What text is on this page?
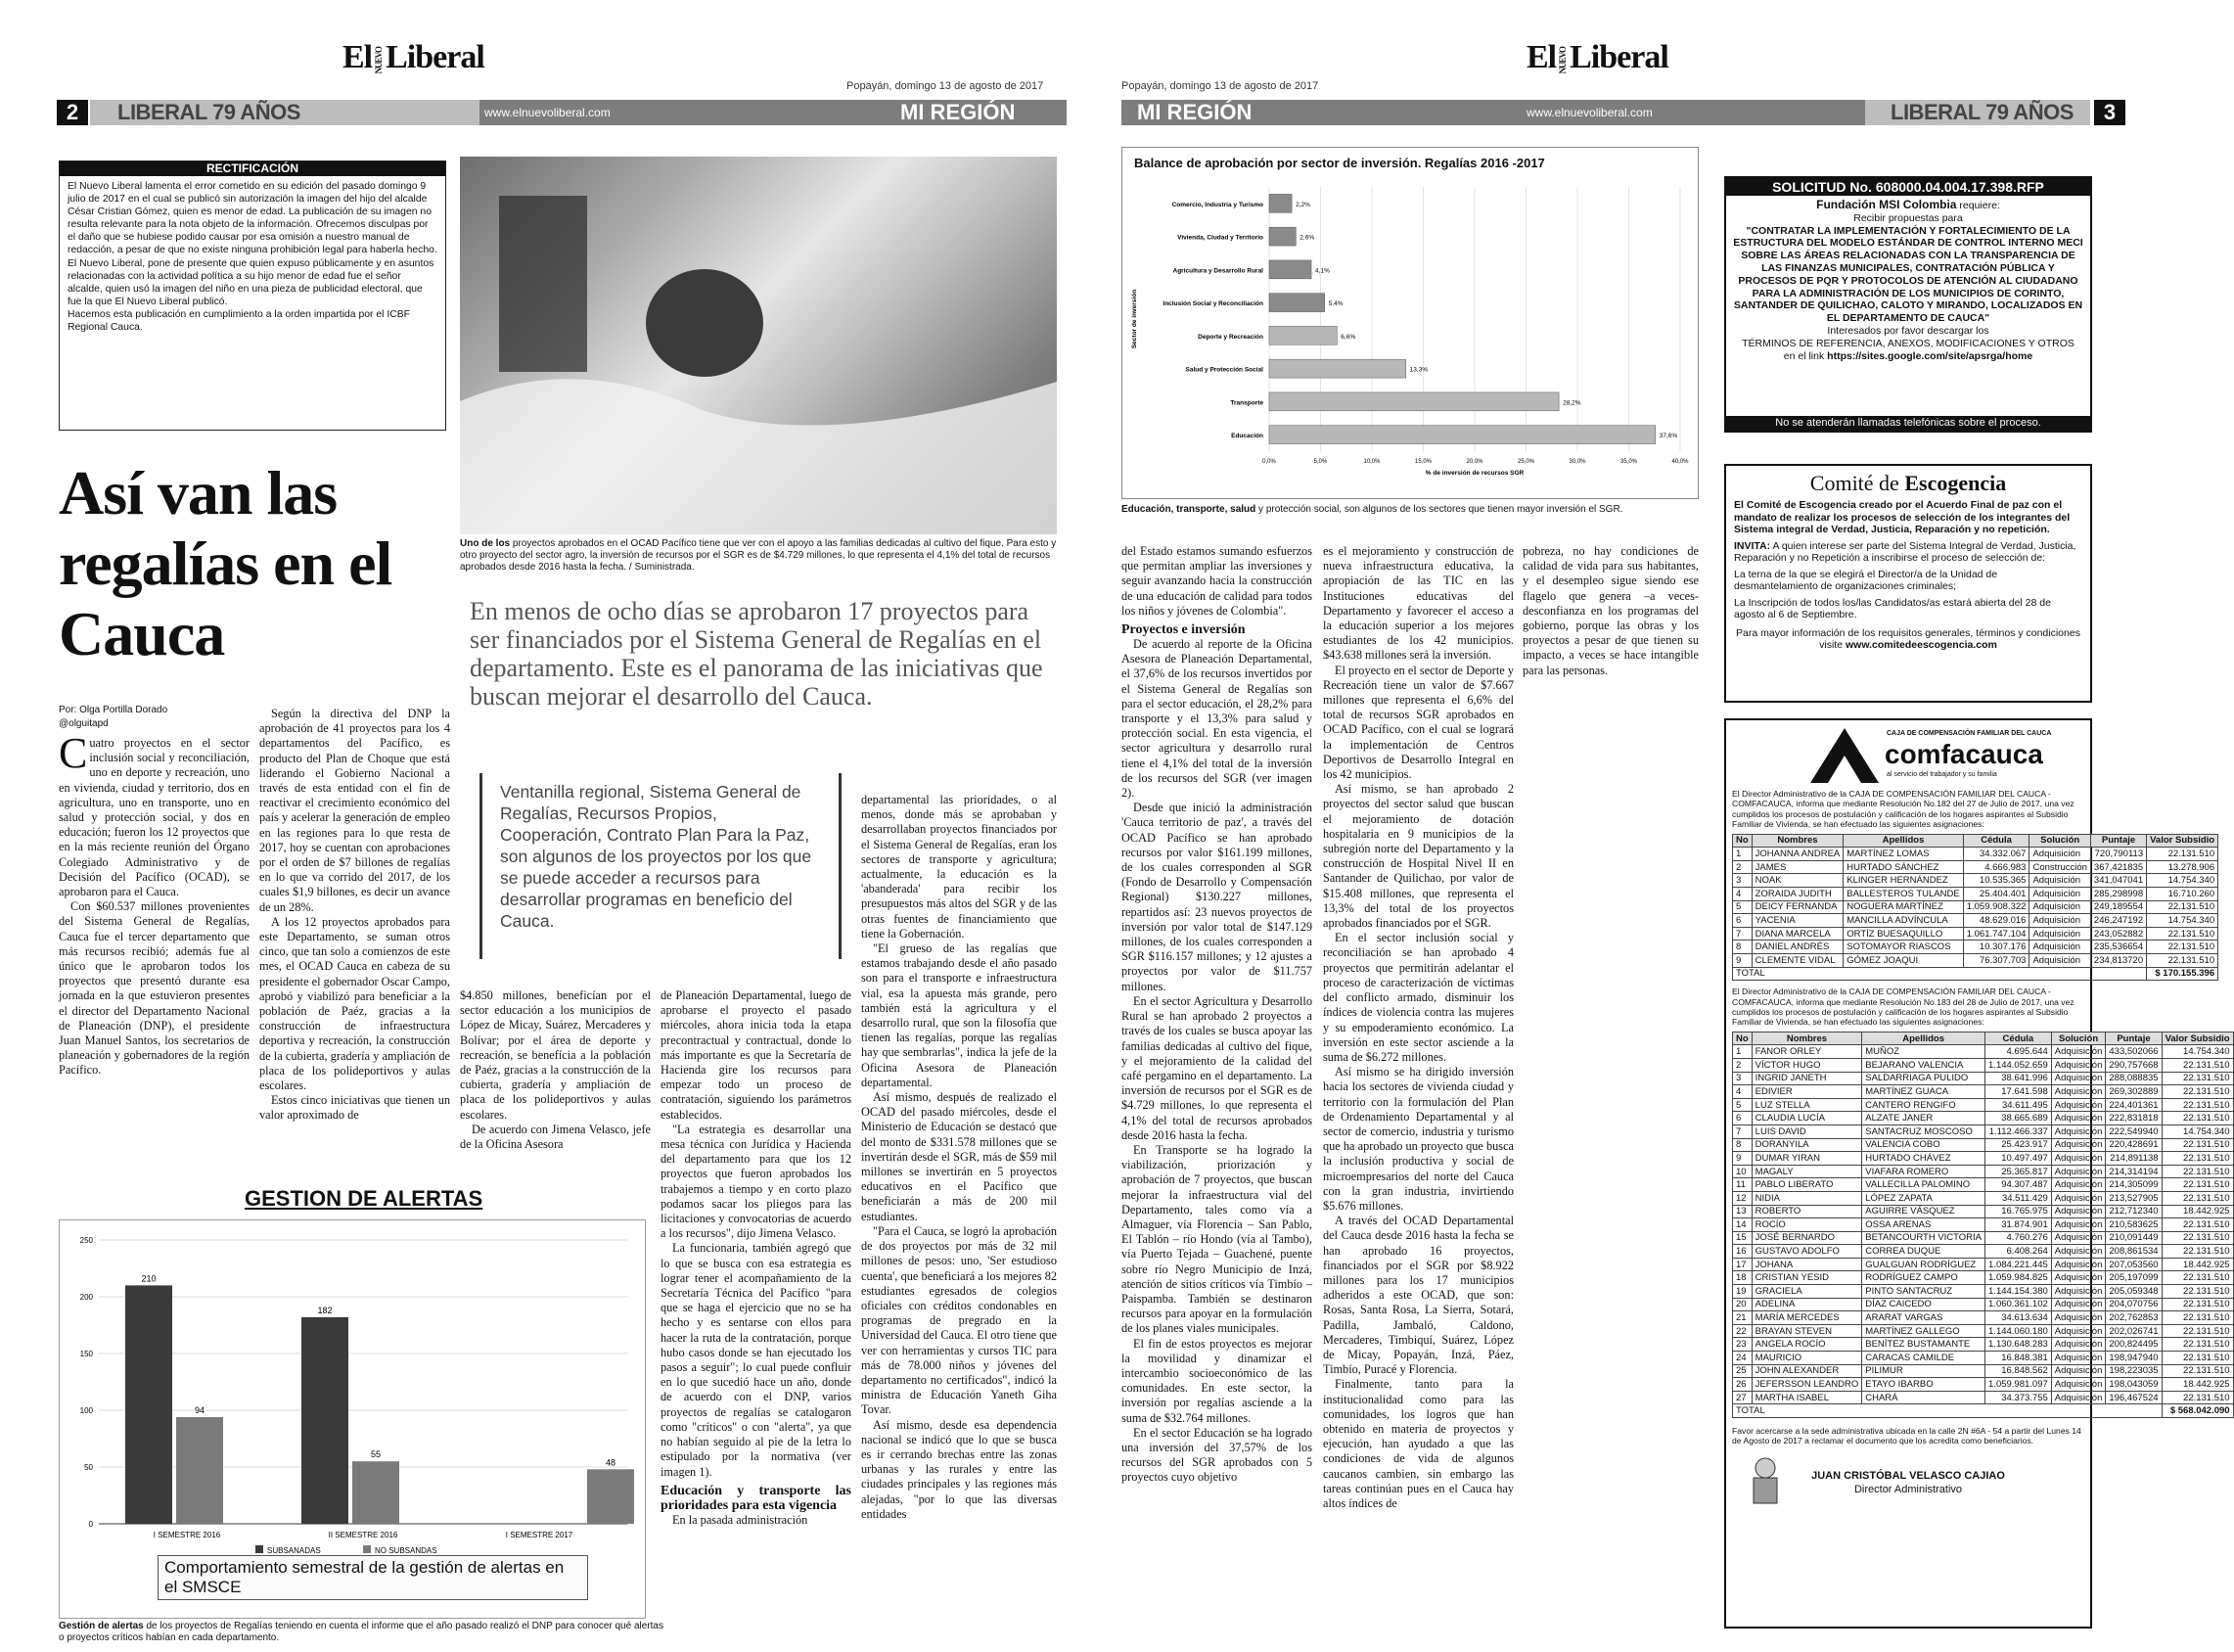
El NUEVOLiberal
Popayán, domingo 13 de agosto de 2017
2	LIBERAL 79 AÑOS	www.elnuevoliberal.com	MI REGIÓN
RECTIFICACIÓN

El Nuevo Liberal lamenta el error cometido en su edición del pasado domingo 9 julio de 2017 en el cual se publicó sin autorización la imagen del hijo del alcalde César Cristian Gómez, quien es menor de edad. La publicación de su imagen no resulta relevante para la nota objeto de la información. Ofrecemos disculpas por el daño que se hubiese podido causar por esa omisión a nuestro manual de redacción, a pesar de que no existe ninguna prohibición legal para haberla hecho.

El Nuevo Liberal, pone de presente que quien expuso públicamente y en asuntos relacionadas con la actividad política a su hijo menor de edad fue el señor alcalde, quien usó la imagen del niño en una pieza de publicidad electoral, que fue la que El Nuevo Liberal publicó.

Hacemos esta publicación en cumplimiento a la orden impartida por el ICBF Regional Cauca.

Uno de los proyectos aprobados en el OCAD Pacífico tiene que ver con el apoyo a las familias dedicadas al cultivo del fique. Para esto y otro proyecto del sector agro, la inversión de recursos por el SGR es de $4.729 millones, lo que representa el 4,1% del total de recursos aprobados desde 2016 hasta la fecha. / Suministrada.
Así van las regalías en el Cauca	En menos de ocho días se aprobaron 17 proyectos para ser financiados por el Sistema General de Regalías en el departamento. Este es el panorama de las iniciativas que buscan mejorar el desarrollo del Cauca.
Ventanilla regional, Sistema General de Regalías, Recursos Propios, Cooperación, Contrato Plan Para la Paz, son algunos de los proyectos por los que se puede acceder a recursos para desarrollar programas en beneficio del Cauca.
Por: Olga Portilla Dorado
@olguitapd

Cuatro proyectos en el sector inclusión social y reconciliación, uno en deporte y recreación, uno en vivienda, ciudad y territorio, dos en agricultura, uno en transporte, uno en salud y protección social, y dos en educación; fueron los 12 proyectos que en la más reciente reunión del Órgano Colegiado Administrativo y de Decisión del Pacífico (OCAD), se aprobaron para el Cauca.

Con $60.537 millones provenientes del Sistema General de Regalías, Cauca fue el tercer departamento que más recursos recibió; además fue al único que le aprobaron todos los proyectos que presentó durante esa jornada en la que estuvieron presentes el director del Departamento Nacional de Planeación (DNP), el presidente Juan Manuel Santos, los secretarios de planeación y gobernadores de la región Pacífico.

Según la directiva del DNP la aprobación de 41 proyectos para los 4 departamentos del Pacífico, es producto del Plan de Choque que está liderando el Gobierno Nacional a través de esta entidad con el fin de reactivar el crecimiento económico del país y acelerar la generación de empleo en las regiones para lo que resta de 2017, hoy se cuentan con aprobaciones por el orden de $7 billones de regalías en lo que va corrido del 2017, de los cuales $1,9 billones, es decir un avance de un 28%.

A los 12 proyectos aprobados para este Departamento, se suman otros cinco, que tan solo a comienzos de este mes, el OCAD Cauca en cabeza de su presidente el gobernador Oscar Campo, aprobó y viabilizó para beneficiar a la población de Paéz, gracias a la construcción de infraestructura deportiva y recreación, la construcción de la cubierta, gradería y ampliación de placa de los polideportivos y aulas escolares.

Estos cinco iniciativas que tienen un valor aproximado de

$4.850 millones, beneficían por el sector educación a los municipios de López de Micay, Suárez, Mercaderes y Bolívar; por el área de deporte y recreación, se benefícia a la población de Paéz, gracias a la construcción de la cubierta, gradería y ampliación de placa de los polideportivos y aulas escolares.

De acuerdo con Jimena Velasco, jefe de la Oficina Asesora

de Planeación Departamental, luego de aprobarse el proyecto el pasado miércoles, ahora inicia toda la etapa precontractual y contractual, donde lo más importante es que la Secretaría de Hacienda gire los recursos para empezar todo un proceso de contratación, siguiendo los parámetros establecidos.

"La estrategia es desarrollar una mesa técnica con Jurídica y Hacienda del departamento para que los 12 proyectos que fueron aprobados los trabajemos a tiempo y en corto plazo podamos sacar los pliegos para las licitaciones y convocatorias de acuerdo a los recursos", dijo Jimena Velasco.

La funcionaria, también agregó que lo que se busca con esa estrategia es lograr tener el acompañamiento de la Secretaría Técnica del Pacífico "para que se haga el ejercicio que no se ha hecho y es sentarse con ellos para hacer la ruta de la contratación, porque hubo casos donde se han ejecutado los pasos a seguir"; lo cual puede confluir en lo que sucedió hace un año, donde de acuerdo con el DNP, varios proyectos de regalías se catalogaron como "críticos" o con "alerta", ya que no habían seguido al pie de la letra lo estipulado por la normativa (ver imagen 1).

Educación y transporte las prioridades para esta vigencia

En la pasada administración

departamental las prioridades, o al menos, donde más se aprobaban y desarrollaban proyectos financiados por el Sistema General de Regalías, eran los sectores de transporte y agricultura; actualmente, la educación es la 'abanderada' para recibir los presupuestos más altos del SGR y de las otras fuentes de financiamiento que tiene la Gobernación.

"El grueso de las regalías que estamos trabajando desde el año pasado son para el transporte e infraestructura vial, esa la apuesta más grande, pero también está la agricultura y el desarrollo rural, que son la filosofía que tienen las regalías, porque las regalías hay que sembrarlas", indica la jefe de la Oficina Asesora de Planeación departamental.

Así mismo, después de realizado el OCAD del pasado miércoles, desde el Ministerio de Educación se destacó que del monto de $331.578 millones que se invertirán desde el SGR, más de $59 mil millones se invertirán en 5 proyectos educativos en el Pacífico que beneficiarán a más de 200 mil estudiantes.

"Para el Cauca, se logró la aprobación de dos proyectos por más de 32 mil millones de pesos: uno, 'Ser estudioso cuenta', que beneficiará a los mejores 82 estudiantes egresados de colegios oficiales con créditos condonables en programas de pregrado en la Universidad del Cauca. El otro tiene que ver con herramientas y cursos TIC para más de 78.000 niños y jóvenes del departamento no certificados", indicó la ministra de Educación Yaneth Giha Tovar.

Así mismo, desde esa dependencia nacional se indicó que lo que se busca es ir cerrando brechas entre las zonas urbanas y las rurales y entre las ciudades principales y las regiones más alejadas, "por lo que las diversas entidades

GESTION DE ALERTAS
0
50
100
150
200
250
210
94
I SEMESTRE 2016
182
55
II SEMESTRE 2016
48
I SEMESTRE 2017
SUBSANADAS	NO SUBSANDAS
Comportamiento semestral de la gestión de alertas en el SMSCE
Gestión de alertas de los proyectos de Regalías teniendo en cuenta el informe que el año pasado realizó el DNP para conocer qué alertas o proyectos críticos habían en cada departamento.
Popayán, domingo 13 de agosto de 2017
El NUEVOLiberal
MI REGIÓN	www.elnuevoliberal.com	LIBERAL 79 AÑOS	3
Balance de aprobación por sector de inversión. Regalías 2016 -2017
0,0%	5,0%	10,0%	15,0%	20,0%	25,0%	30,0%	35,0%	40,0%
Comercio, Industria y Turismo	2,2%
Vivienda, Ciudad y Territorio	2,6%
Agricultura y Desarrollo Rural	4,1%
Inclusión Social y Reconciliación	5,4%
Deporte y Recreación	6,6%
Salud y Protección Social	13,3%
Transporte	28,2%
Educación	37,6%
% de inversión de recursos SGR
Sector de inversión
Educación, transporte, salud y protección social, son algunos de los sectores que tienen mayor inversión el SGR.

del Estado estamos sumando esfuerzos que permitan ampliar las inversiones y seguir avanzando hacia la construcción de una educación de calidad para todos los niños y jóvenes de Colombia".

Proyectos e inversión

De acuerdo al reporte de la Oficina Asesora de Planeación Departamental, el 37,6% de los recursos invertidos por el Sistema General de Regalías son para el sector educación, el 28,2% para transporte y el 13,3% para salud y protección social. En esta vigencia, el sector agricultura y desarrollo rural tiene el 4,1% del total de la inversión de los recursos del SGR (ver imagen 2).

Desde que inició la administración 'Cauca territorio de paz', a través del OCAD Pacífico se han aprobado recursos por valor $161.199 millones, de los cuales corresponden al SGR (Fondo de Desarrollo y Compensación Regional) $130.227 millones, repartidos así: 23 nuevos proyectos de inversión por valor total de $147.129 millones, de los cuales corresponden a SGR $116.157 millones; y 12 ajustes a proyectos por valor de $11.757 millones.

En el sector Agricultura y Desarrollo Rural se han aprobado 2 proyectos a través de los cuales se busca apoyar las familias dedicadas al cultivo del fique, y el mejoramiento de la calidad del café pergamino en el departamento. La inversión de recursos por el SGR es de $4.729 millones, lo que representa el 4,1% del total de recursos aprobados desde 2016 hasta la fecha.

En Transporte se ha logrado la viabilización, priorización y aprobación de 7 proyectos, que buscan mejorar la infraestructura vial del Departamento, tales como vía a Almaguer, vía Florencia – San Pablo, El Tablón – río Hondo (vía al Tambo), vía Puerto Tejada – Guachené, puente sobre río Negro Municipio de Inzá, atención de sitios críticos vía Timbío – Paispamba. También se destinaron recursos para apoyar en la formulación de los planes viales municipales.

El fin de estos proyectos es mejorar la movilidad y dinamizar el intercambio socioeconómico de las comunidades. En este sector, la inversión por regalías asciende a la suma de $32.764 millones.

En el sector Educación se ha logrado una inversión del 37,57% de los recursos del SGR aprobados con 5 proyectos cuyo objetivo

es el mejoramiento y construcción de nueva infraestructura educativa, la apropiación de las TIC en las Instituciones educativas del Departamento y favorecer el acceso a la educación superior a los mejores estudiantes de los 42 municipios. $43.638 millones será la inversión.

El proyecto en el sector de Deporte y Recreación tiene un valor de $7.667 millones que representa el 6,6% del total de recursos SGR aprobados en OCAD Pacífico, con el cual se logrará la implementación de Centros Deportivos de Desarrollo Integral en los 42 municipios.

Así mismo, se han aprobado 2 proyectos del sector salud que buscan el mejoramiento de dotación hospitalaria en 9 municipios de la subregión norte del Departamento y la construcción de Hospital Nivel II en Santander de Quilichao, por valor de $15.408 millones, que representa el 13,3% del total de los proyectos aprobados financiados por el SGR.

En el sector inclusión social y reconciliación se han aprobado 4 proyectos que permitirán adelantar el proceso de caracterización de víctimas del conflicto armado, disminuir los índices de violencia contra las mujeres y su empoderamiento económico. La inversión en este sector asciende a la suma de $6.272 millones.

Así mismo se ha dirigido inversión hacia los sectores de vivienda ciudad y territorio con la formulación del Plan de Ordenamiento Departamental y al sector de comercio, industria y turismo que ha aprobado un proyecto que busca la inclusión productiva y social de microempresarios del norte del Cauca con la gran industria, invirtiendo $5.676 millones.

A través del OCAD Departamental del Cauca desde 2016 hasta la fecha se han aprobado 16 proyectos, financiados por el SGR por $8.922 millones para los 17 municipios adheridos a este OCAD, que son: Rosas, Santa Rosa, La Sierra, Sotará, Padilla, Jambaló, Caldono, Mercaderes, Timbiquí, Suárez, López de Micay, Popayán, Inzá, Páez, Timbío, Puracé y Florencia.

Finalmente, tanto para la institucionalidad como para las comunidades, los logros que han obtenido en materia de proyectos y ejecución, han ayudado a que las condiciones de vida de algunos caucanos cambien, sin embargo las tareas continúan pues en el Cauca hay altos índices de

pobreza, no hay condiciones de calidad de vida para sus habitantes, y el desempleo sigue siendo ese flagelo que genera –a veces- desconfianza en los programas del gobierno, porque las obras y los proyectos a pesar de que tienen su impacto, a veces se hace intangible para las personas.

SOLICITUD No. 608000.04.004.17.398.RFP
Fundación MSI Colombia requiere:
Recibir propuestas para
"CONTRATAR LA IMPLEMENTACIÓN Y FORTALECIMIENTO DE LA ESTRUCTURA DEL MODELO ESTÁNDAR DE CONTROL INTERNO MECI SOBRE LAS ÁREAS RELACIONADAS CON LA TRANSPARENCIA DE LAS FINANZAS MUNICIPALES, CONTRATACIÓN PÚBLICA Y PROCESOS DE PQR Y PROTOCOLOS DE ATENCIÓN AL CIUDADANO PARA LA ADMINISTRACIÓN DE LOS MUNICIPIOS DE CORINTO, SANTANDER DE QUILICHAO, CALOTO Y MIRANDO, LOCALIZADOS EN EL DEPARTAMENTO DE CAUCA"
Interesados por favor descargar los
TÉRMINOS DE REFERENCIA, ANEXOS, MODIFICACIONES Y OTROS
en el link https://sites.google.com/site/apsrga/home
No se atenderán llamadas telefónicas sobre el proceso.
Comité de Escogencia

El Comité de Escogencia creado por el Acuerdo Final de paz con el mandato de realizar los procesos de selección de los integrantes del Sistema integral de Verdad, Justicia, Reparación y no repetición.

INVITA: A quien interese ser parte del Sistema Integral de Verdad, Justicia, Reparación y no Repetición a inscribirse el proceso de selección de:

La terna de la que se elegirá el Director/a de la Unidad de desmantelamiento de organizaciones criminales;

La Inscripción de todos los/las Candidatos/as estará abierta del 28 de agosto al 6 de Septiembre.

Para mayor información de los requisitos generales, términos y condiciones visite www.comitedeescogencia.com

CAJA DE COMPENSACIÓN FAMILIAR DEL CAUCA
comfacauca
al servicio del trabajador y su familia
El Director Administrativo de la CAJA DE COMPENSACIÓN FAMILIAR DEL CAUCA - COMFACAUCA, informa que mediante Resolución No.182 del 27 de Julio de 2017, una vez cumplidos los procesos de postulación y calificación de los hogares aspirantes al Subsidio Familiar de Vivienda, se han efectuado las siguientes asignaciones:
No	Nombres	Apellidos	Cédula	Solución	Puntaje	Valor Subsidio
1	JOHANNA ANDREA	MARTÍNEZ LOMAS	34.332.067	Adquisición	720,790113	22.131.510
2	JAMES	HURTADO SÁNCHEZ	4.666.983	Construcción	367,421835	13.278.906
3	NOAK	KLINGER HERNÁNDEZ	10.535.365	Adquisición	341,047041	14.754.340
4	ZORAIDA JUDITH	BALLESTEROS TULANDE	25.404.401	Adquisición	285,298998	16.710.260
5	DEICY FERNANDA	NOGUERA MARTÍNEZ	1.059.908.322	Adquisición	249,189554	22.131.510
6	YACENIA	MANCILLA ADVÍNCULA	48.629.016	Adquisición	246,247192	14.754.340
7	DIANA MARCELA	ORTÍZ BUESAQUILLO	1.061.747.104	Adquisición	243,052882	22.131.510
8	DANIEL ANDRÉS	SOTOMAYOR RIASCOS	10.307.176	Adquisición	235,536654	22.131.510
9	CLEMENTE VIDAL	GÓMEZ JOAQUI	76.307.703	Adquisición	234,813720	22.131.510
TOTAL						$ 170.155.396
El Director Administrativo de la CAJA DE COMPENSACIÓN FAMILIAR DEL CAUCA - COMFACAUCA, informa que mediante Resolución No.183 del 28 de Julio de 2017, una vez cumplidos los procesos de postulación y calificación de los hogares aspirantes al Subsidio Familiar de Vivienda, se han efectuado las siguientes asignaciones:
No	Nombres	Apellidos	Cédula	Solución	Puntaje	Valor Subsidio
1	FANOR ORLEY	MUÑOZ	4.695.644	Adquisición	433,502066	14.754.340
2	VÍCTOR HUGO	BEJARANO VALENCIA	1.144.052.659	Adquisición	290,757668	22.131.510
3	INGRID JANETH	SALDARRIAGA PULIDO	38.641.996	Adquisición	288,088835	22.131.510
4	EDIVIER	MARTÍNEZ GUACA	17.641.598	Adquisición	269,302889	22.131.510
5	LUZ STELLA	CANTERO RENGIFO	34.611.495	Adquisición	224,401361	22.131.510
6	CLAUDIA LUCÍA	ALZATE JANER	38.665.689	Adquisición	222,831818	22.131.510
7	LUIS DAVID	SANTACRUZ MOSCOSO	1.112.466.337	Adquisición	222,549940	14.754.340
8	DORANYILA	VALENCIA COBO	25.423.917	Adquisición	220,428691	22.131.510
9	DUMAR YIRAN	HURTADO CHÁVEZ	10.497.497	Adquisición	214,891138	22.131.510
10	MAGALY	VIAFARA ROMERO	25.365.817	Adquisición	214,314194	22.131.510
11	PABLO LIBERATO	VALLECILLA PALOMINO	94.307.487	Adquisición	214,305099	22.131.510
12	NIDIA	LÓPEZ ZAPATA	34.511.429	Adquisición	213,527905	22.131.510
13	ROBERTO	AGUIRRE VÁSQUEZ	16.765.975	Adquisición	212,712340	18.442.925
14	ROCÍO	OSSA ARENAS	31.874.901	Adquisición	210,583625	22.131.510
15	JOSÉ BERNARDO	BETANCOURTH VICTORIA	4.760.276	Adquisición	210,091449	22.131.510
16	GUSTAVO ADOLFO	CORREA DUQUE	6.408.264	Adquisición	208,861534	22.131.510
17	JOHANA	GUALGUAN RODRÍGUEZ	1.084.221.445	Adquisición	207,053560	18.442.925
18	CRISTIAN YESID	RODRÍGUEZ CAMPO	1.059.984.825	Adquisición	205,197099	22.131.510
19	GRACIELA	PINTO SANTACRUZ	1.144.154.380	Adquisición	205,059348	22.131.510
20	ADELINA	DÍAZ CAICEDO	1.060.361.102	Adquisición	204,070756	22.131.510
21	MARÍA MERCEDES	ARARAT VARGAS	34.613.634	Adquisición	202,762853	22.131.510
22	BRAYAN STEVEN	MARTÍNEZ GALLEGO	1.144.060.180	Adquisición	202,026741	22.131.510
23	ANGELA ROCÍO	BENÍTEZ BUSTAMANTE	1.130.648.283	Adquisición	200,824495	22.131.510
24	MAURICIO	CARACAS CAMILDE	16.848.381	Adquisición	198,947940	22.131.510
25	JOHN ALEXANDER	PILIMUR	16.848.562	Adquisición	198,223035	22.131.510
26	JEFERSSON LEANDRO	ETAYO IBARBO	1.059.981.097	Adquisición	198,043059	18.442.925
27	MARTHA ISABEL	CHARÁ	34.373.755	Adquisición	196,467524	22.131.510
TOTAL						$ 568.042.090
Favor acercarse a la sede administrativa ubicada en la calle 2N #6A - 54 a partir del Lunes 14 de Agosto de 2017 a reclamar el documento que los acredita como beneficiarios.
JUAN CRISTÓBAL VELASCO CAJIAO
Director Administrativo
